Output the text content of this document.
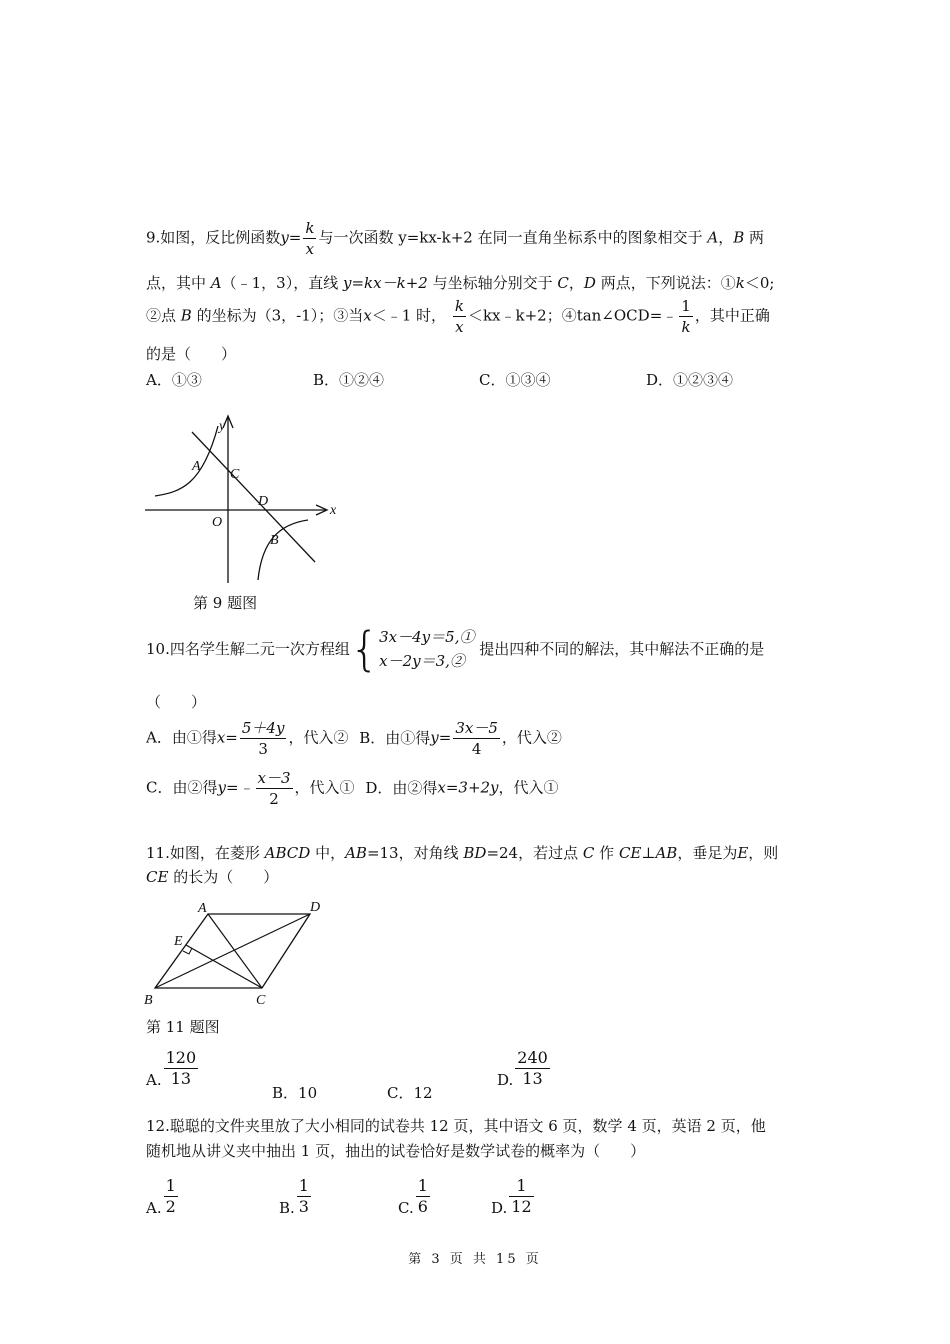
9.如图，反比例函数$y= \frac{k}{x}$ 与一次函数 y=kx-k+2 在同一直角坐标系中的图象相交于 A，B 两
点，其中 A（﹣1，3），直线 y=kx－k+2 与坐标轴分别交于 C，D 两点，下列说法：①k＜0;
②点 B 的坐标为（3，-1）；③当x＜﹣1 时， $\frac{k}{x}$ ＜kx﹣k+2；④tan∠OCD=﹣ $\frac{1}{k}$ ，其中正确
的是（　　）
A．①③	B．①②④	C．①③④	D．①②③④
y
x
A
C
D
O
B
第 9 题图
10.四名学生解二元一次方程组{ 3x－4y＝5,①
x－2y＝3,②
提出四种不同的解法，其中解法不正确的是
（　　）
A．由①得$x= \frac{5+4y}{3}$ ，代入② B．由①得$y= \frac{3x-5}{4}$ ，代入②
C．由②得y=﹣ $\frac{x-3}{2}$ ，代入① D．由②得x=3+2y，代入①
11.如图，在菱形 ABCD 中，AB=13，对角线 BD=24，若过点 C 作 CE⊥AB，垂足为E，则
CE 的长为（　　）
A	D
E
B	C
第 11 题图
A. $\frac{120}{13}$
B．10	C．12
D. $\frac{240}{13}$
12.聪聪的文件夹里放了大小相同的试卷共 12 页，其中语文 6 页，数学 4 页，英语 2 页，他
随机地从讲义夹中抽出 1 页，抽出的试卷恰好是数学试卷的概率为（　　）
A. $\frac{1}{2}$	B. $\frac{1}{3}$	C. $\frac{1}{6}$	D. $\frac{1}{12}$
第 3 页 共 15 页
